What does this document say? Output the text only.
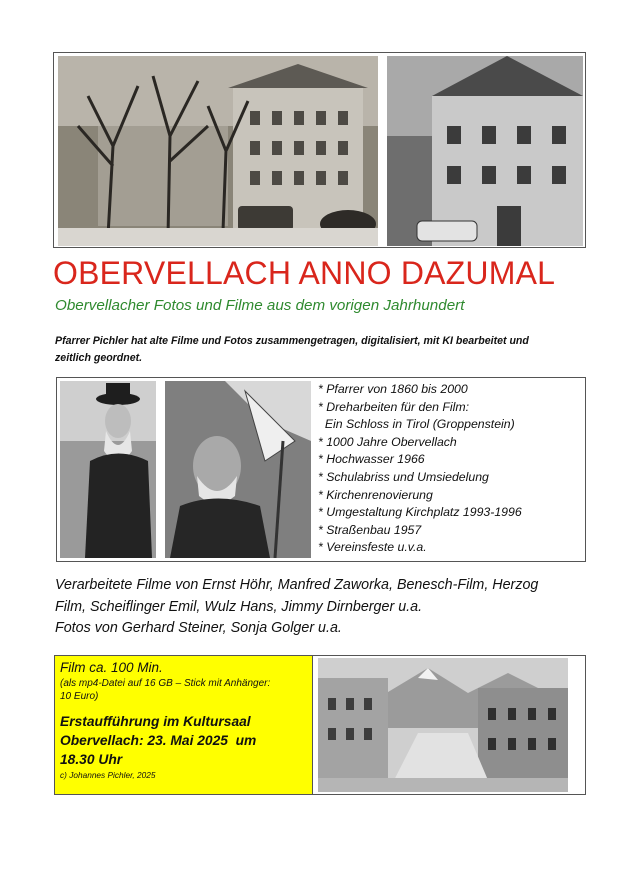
OBERVELLACH ANNO DAZUMAL
Obervellacher Fotos und Filme aus dem vorigen Jahrhundert
Pfarrer Pichler hat alte Filme und Fotos zusammengetragen, digitalisiert, mit KI bearbeitet und
zeitlich geordnet.
* Pfarrer von 1860 bis 2000
* Dreharbeiten für den Film:
Ein Schloss in Tirol (Groppenstein)
* 1000 Jahre Obervellach
* Hochwasser 1966
* Schulabriss und Umsiedelung
* Kirchenrenovierung
* Umgestaltung Kirchplatz 1993-1996
* Straßenbau 1957
* Vereinsfeste u.v.a.
Verarbeitete Filme von Ernst Höhr, Manfred Zaworka, Benesch-Film, Herzog
Film, Scheiflinger Emil, Wulz Hans, Jimmy Dirnberger u.a.
Fotos von Gerhard Steiner, Sonja Golger u.a.
Film ca. 100 Min.
(als mp4-Datei auf 16 GB – Stick mit Anhänger: 10 Euro)
Erstaufführung im Kultursaal
Obervellach: 23. Mai 2025  um
18.30 Uhr
c) Johannes Pichler, 2025
